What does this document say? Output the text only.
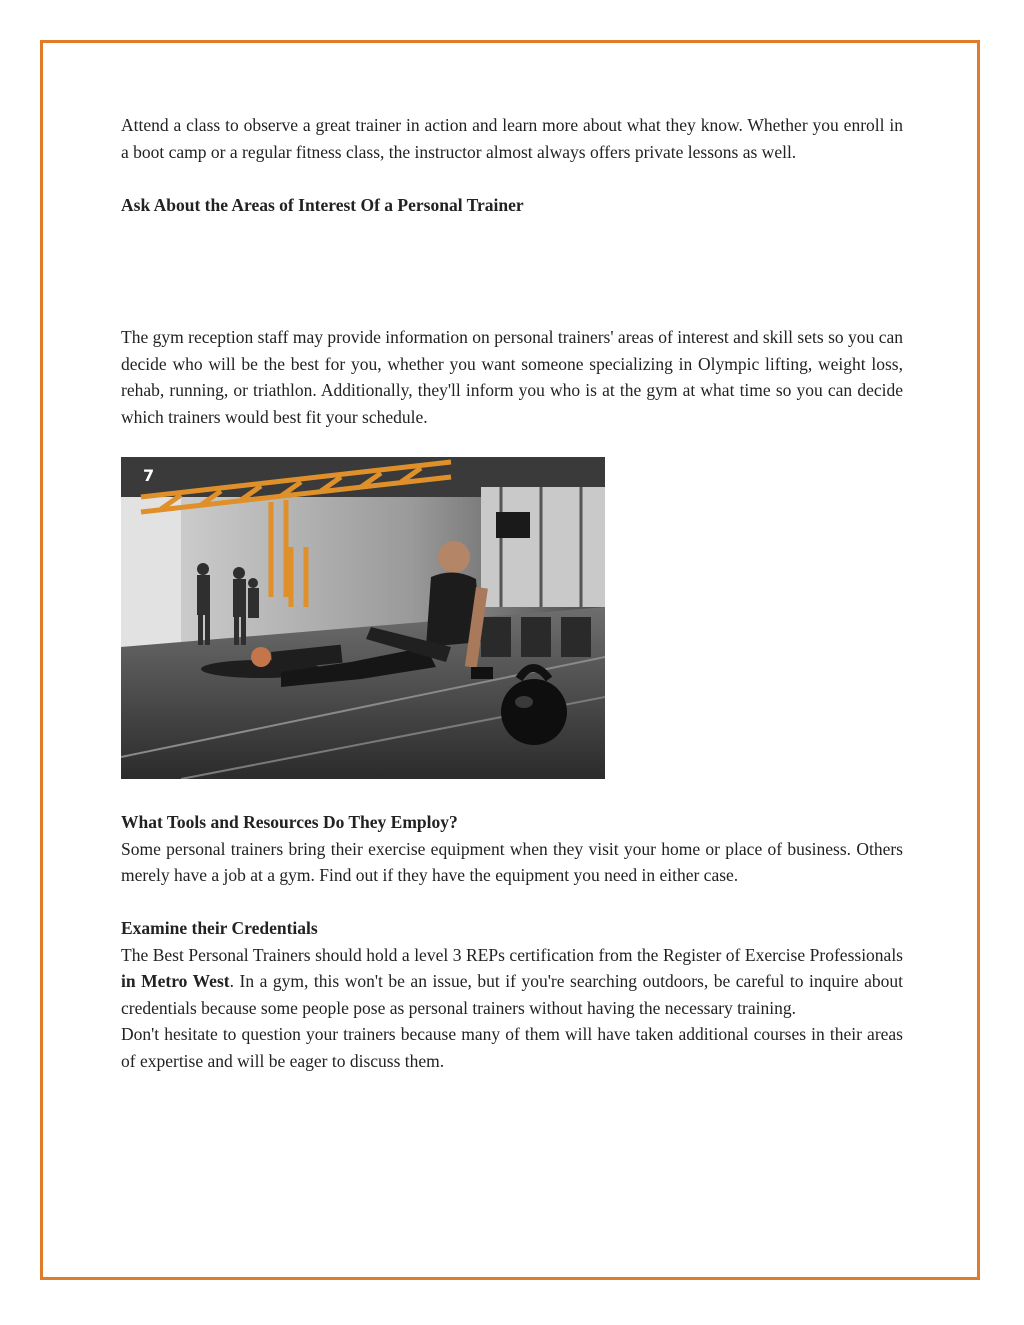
Attend a class to observe a great trainer in action and learn more about what they know. Whether you enroll in a boot camp or a regular fitness class, the instructor almost always offers private lessons as well.

Ask About the Areas of Interest Of a Personal Trainer

The gym reception staff may provide information on personal trainers' areas of interest and skill sets so you can decide who will be the best for you, whether you want someone specializing in Olympic lifting, weight loss, rehab, running, or triathlon. Additionally, they'll inform you who is at the gym at what time so you can decide which trainers would best fit your schedule.

7

What Tools and Resources Do They Employ?

Some personal trainers bring their exercise equipment when they visit your home or place of business. Others merely have a job at a gym. Find out if they have the equipment you need in either case.

Examine their Credentials

The Best Personal Trainers should hold a level 3 REPs certification from the Register of Exercise Professionals in Metro West. In a gym, this won't be an issue, but if you're searching outdoors, be careful to inquire about credentials because some people pose as personal trainers without having the necessary training.

Don't hesitate to question your trainers because many of them will have taken additional courses in their areas of expertise and will be eager to discuss them.
